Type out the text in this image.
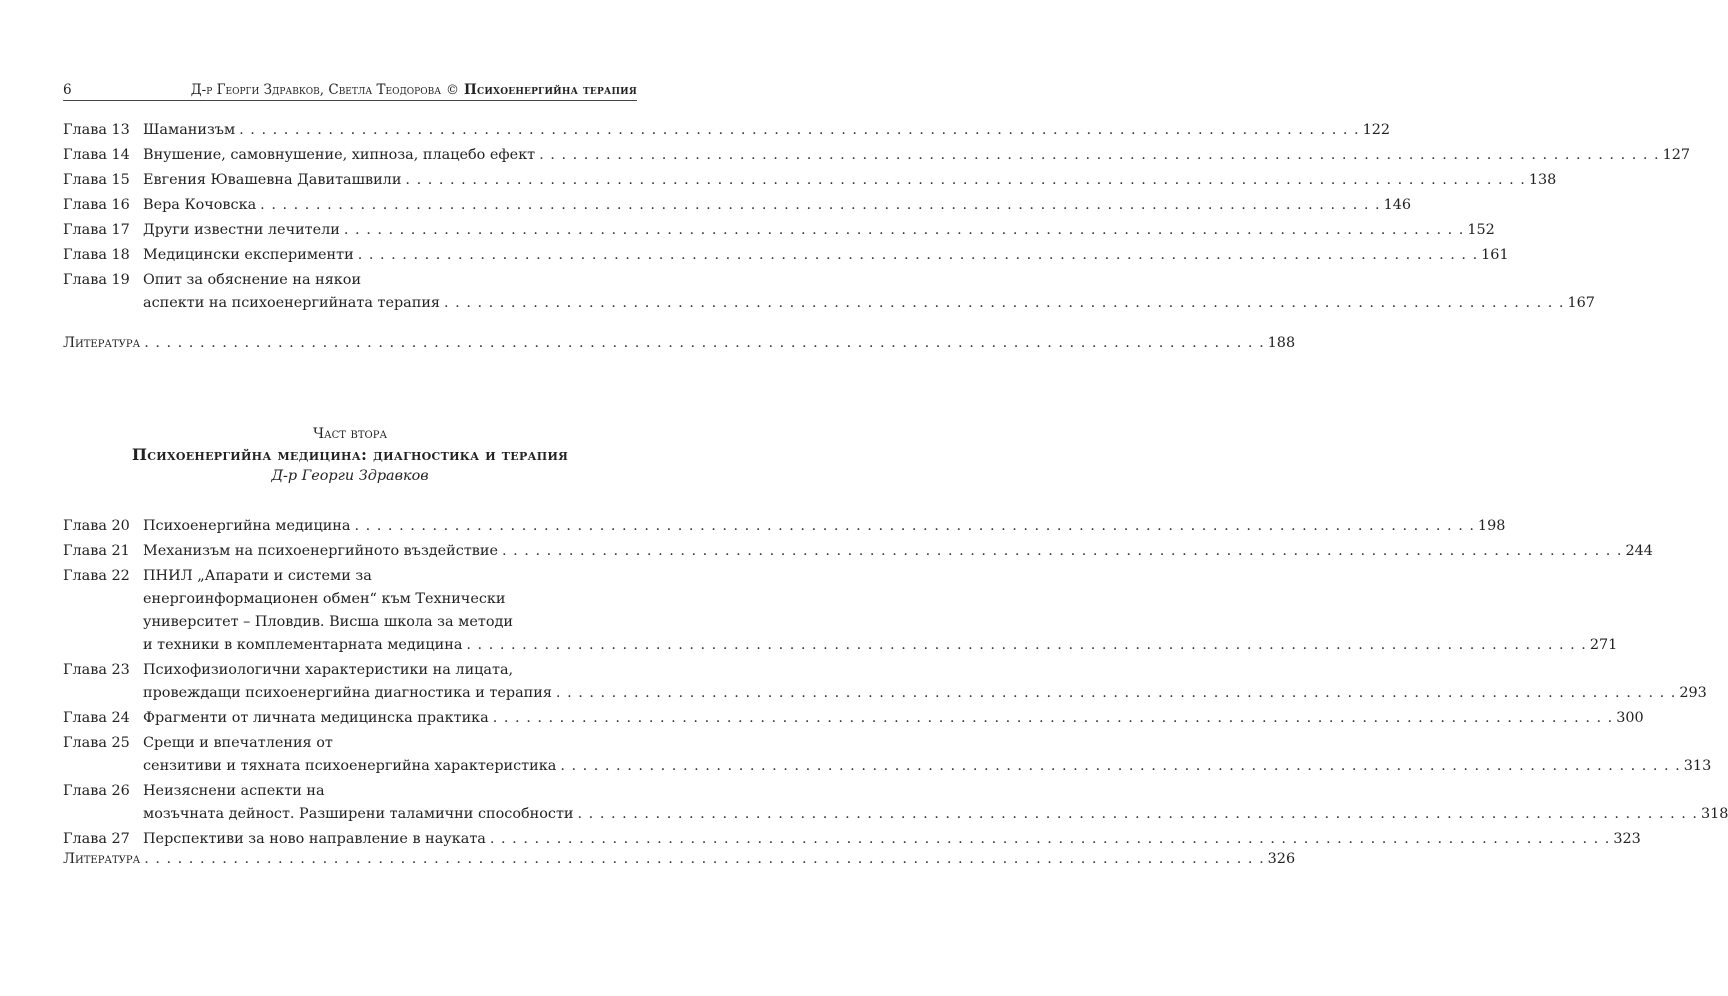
6	Д-р Георги Здравков, Светла Теодорова © Психоенергийна терапия
Глава 13 Шаманизъм . . .	122
Глава 14 Внушение, самовнушение, хипноза, плацебо ефект . . .	127
Глава 15 Евгения Ювашевна Давиташвили . . .	138
Глава 16 Вера Кочовска . . .	146
Глава 17 Други известни лечители . . .	152
Глава 18 Медицински експерименти . . .	161
Глава 19 Опит за обяснение на някои
аспекти на психоенергийната терапия . . .	167
Литература . . .	188
Част втора
Психоенергийна медицина: диагностика и терапия
Д-р Георги Здравков
Глава 20 Психоенергийна медицина . . .	198
Глава 21 Механизъм на психоенергийното въздействие . . .	244
Глава 22 ПНИЛ „Апарати и системи за
енергоинформационен обмен“ към Технически
университет – Пловдив. Висша школа за методи
и техники в комплементарната медицина . . .	271
Глава 23 Психофизиологични характеристики на лицата,
провеждащи психоенергийна диагностика и терапия . . .	293
Глава 24 Фрагменти от личната медицинска практика . . .	300
Глава 25 Срещи и впечатления от
сензитиви и тяхната психоенергийна характеристика . . .	313
Глава 26 Неизяснени аспекти на
мозъчната дейност. Разширени таламични способности . . .	318
Глава 27 Перспективи за ново направление в науката . . .	323
Литература . . .	326
